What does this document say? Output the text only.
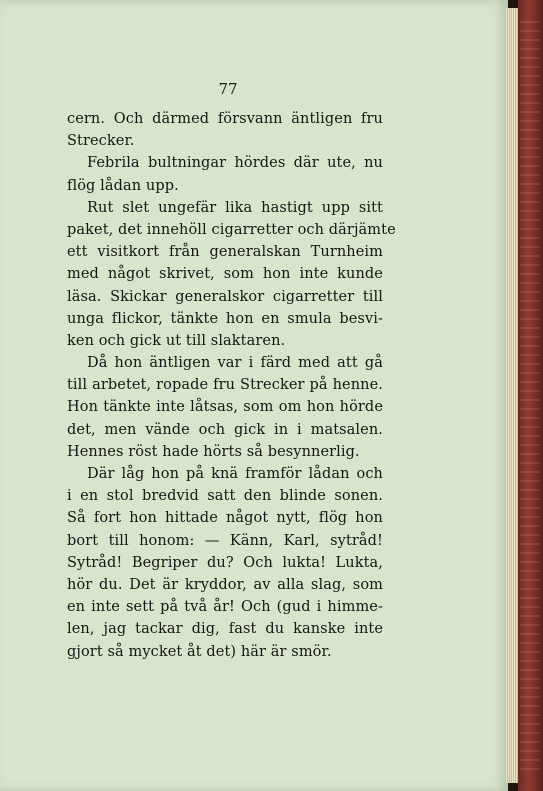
77

cern. Och därmed försvann äntligen fru
Strecker.
Febrila bultningar hördes där ute, nu
flög lådan upp.
Rut slet ungefär lika hastigt upp sitt
paket, det innehöll cigarretter och därjämte
ett visitkort från generalskan Turnheim
med något skrivet, som hon inte kunde
läsa. Skickar generalskor cigarretter till
unga flickor, tänkte hon en smula besvi-
ken och gick ut till slaktaren.
Då hon äntligen var i färd med att gå
till arbetet, ropade fru Strecker på henne.
Hon tänkte inte låtsas, som om hon hörde
det, men vände och gick in i matsalen.
Hennes röst hade hörts så besynnerlig.
Där låg hon på knä framför lådan och
i en stol bredvid satt den blinde sonen.
Så fort hon hittade något nytt, flög hon
bort till honom: — Känn, Karl, sytråd!
Sytråd! Begriper du? Och lukta! Lukta,
hör du. Det är kryddor, av alla slag, som
en inte sett på två år! Och (gud i himme-
len, jag tackar dig, fast du kanske inte
gjort så mycket åt det) här är smör.
